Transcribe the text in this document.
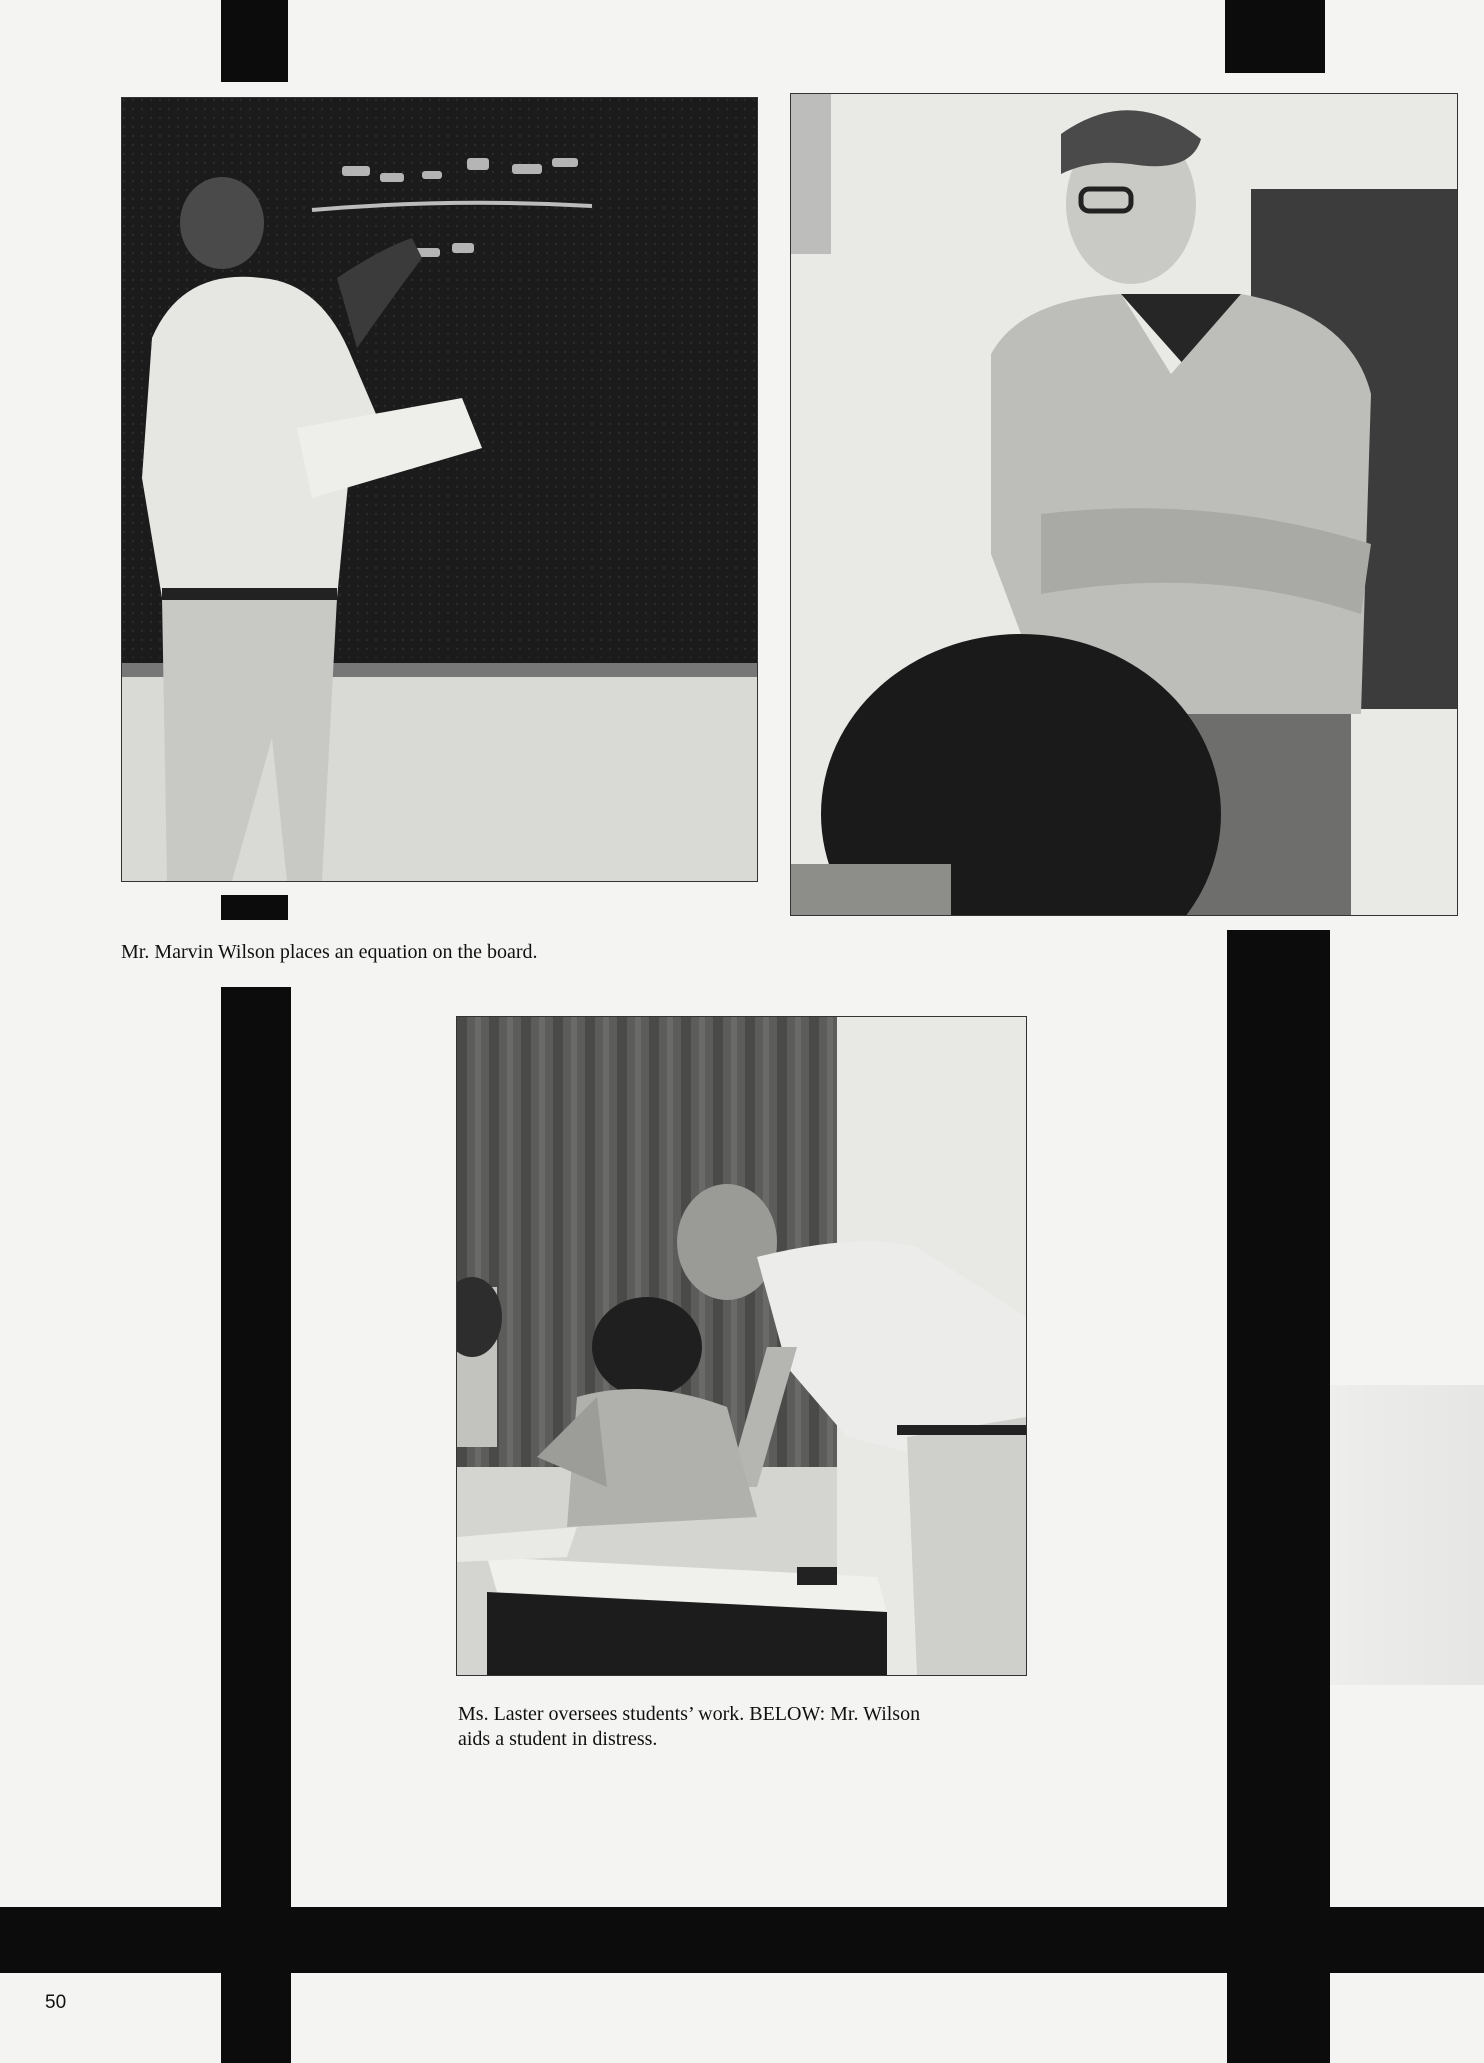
Mr. Marvin Wilson places an equation on the board.

Ms. Laster oversees students’ work. BELOW: Mr. Wilson

aids a student in distress.

50
